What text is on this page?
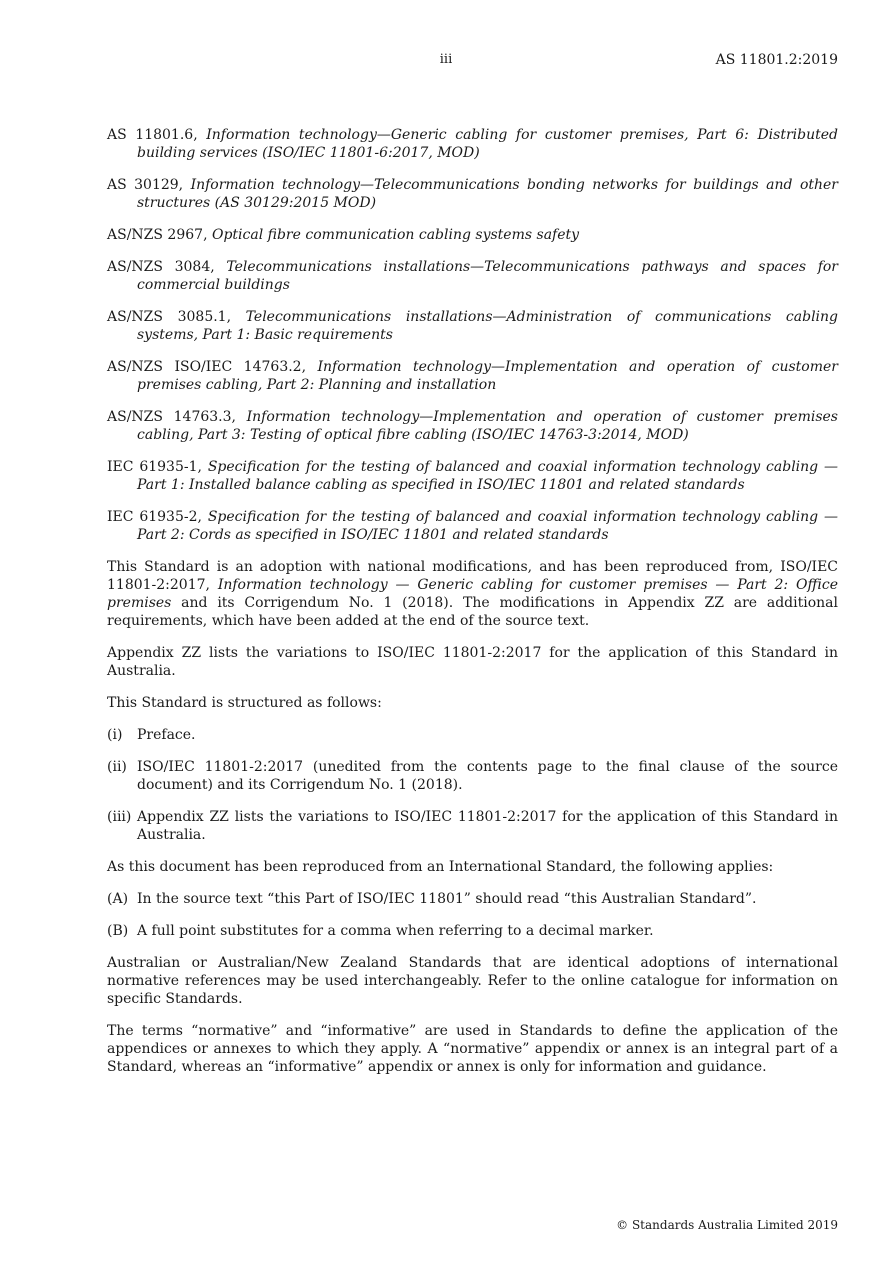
iii	AS 11801.2:2019

AS 11801.6, Information technology—Generic cabling for customer premises, Part 6: Distributed building services (ISO/IEC 11801-6:2017, MOD)

AS 30129, Information technology—Telecommunications bonding networks for buildings and other structures (AS 30129:2015 MOD)

AS/NZS 2967, Optical fibre communication cabling systems safety

AS/NZS 3084, Telecommunications installations—Telecommunications pathways and spaces for commercial buildings

AS/NZS 3085.1, Telecommunications installations—Administration of communications cabling systems, Part 1: Basic requirements

AS/NZS ISO/IEC 14763.2, Information technology—Implementation and operation of customer premises cabling, Part 2: Planning and installation

AS/NZS 14763.3, Information technology—Implementation and operation of customer premises cabling, Part 3: Testing of optical fibre cabling (ISO/IEC 14763-3:2014, MOD)

IEC 61935-1, Specification for the testing of balanced and coaxial information technology cabling — Part 1: Installed balance cabling as specified in ISO/IEC 11801 and related standards

IEC 61935-2, Specification for the testing of balanced and coaxial information technology cabling — Part 2: Cords as specified in ISO/IEC 11801 and related standards

This Standard is an adoption with national modifications, and has been reproduced from, ISO/IEC 11801-2:2017, Information technology — Generic cabling for customer premises — Part 2: Office premises and its Corrigendum No. 1 (2018). The modifications in Appendix ZZ are additional requirements, which have been added at the end of the source text.

Appendix ZZ lists the variations to ISO/IEC 11801-2:2017 for the application of this Standard in Australia.

This Standard is structured as follows:

(i)	Preface.
(ii) ISO/IEC 11801-2:2017 (unedited from the contents page to the final clause of the source document) and its Corrigendum No. 1 (2018).
(iii) Appendix ZZ lists the variations to ISO/IEC 11801-2:2017 for the application of this Standard in Australia.

As this document has been reproduced from an International Standard, the following applies:

(A) In the source text “this Part of ISO/IEC 11801” should read “this Australian Standard”.
(B) A full point substitutes for a comma when referring to a decimal marker.

Australian or Australian/New Zealand Standards that are identical adoptions of international normative references may be used interchangeably. Refer to the online catalogue for information on specific Standards.

The terms “normative” and “informative” are used in Standards to define the application of the appendices or annexes to which they apply. A “normative” appendix or annex is an integral part of a Standard, whereas an “informative” appendix or annex is only for information and guidance.

© Standards Australia Limited 2019
